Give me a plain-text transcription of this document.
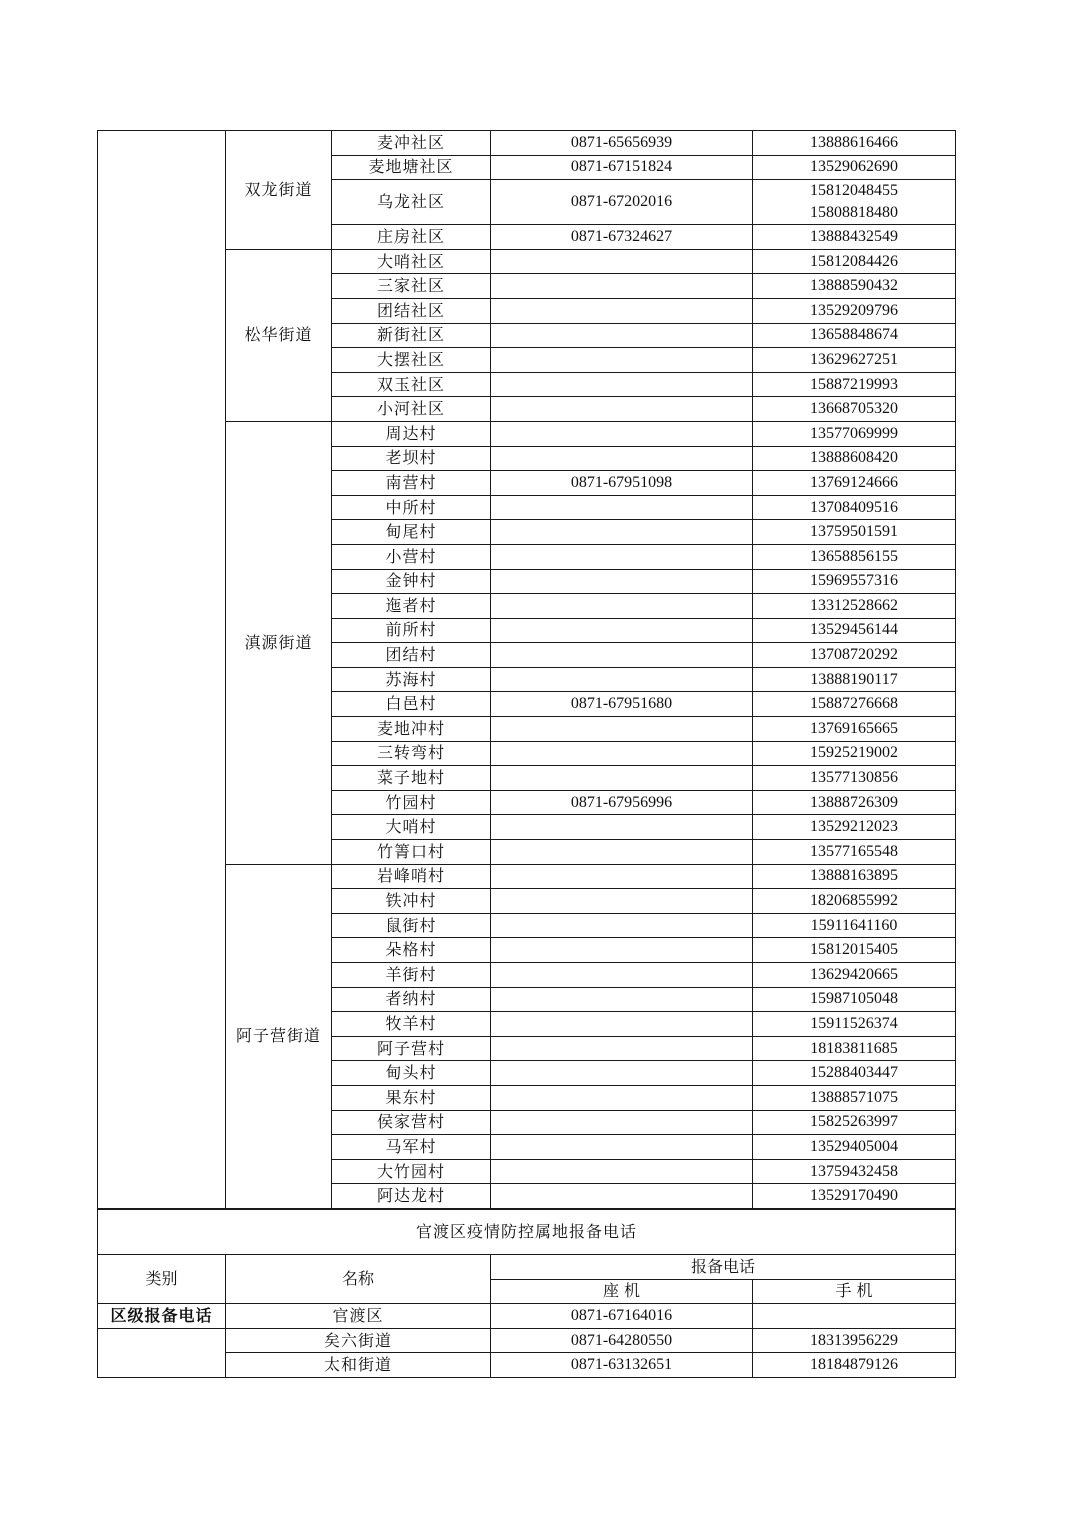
	双龙街道	麦冲社区	0871-65656939	13888616466

		麦地塘社区	0871-67151824	13529062690

		乌龙社区	0871-67202016	15812048455
15808818480

		庄房社区	0871-67324627	13888432549

	松华街道	大哨社区		15812084426

		三家社区		13888590432

		团结社区		13529209796

		新街社区		13658848674

		大摆社区		13629627251

		双玉社区		15887219993

		小河社区		13668705320

	滇源街道	周达村		13577069999

		老坝村		13888608420

		南营村	0871-67951098	13769124666

		中所村		13708409516

		甸尾村		13759501591

		小营村		13658856155

		金钟村		15969557316

		迤者村		13312528662

		前所村		13529456144

		团结村		13708720292

		苏海村		13888190117

		白邑村	0871-67951680	15887276668

		麦地冲村		13769165665

		三转弯村		15925219002

		菜子地村		13577130856

		竹园村	0871-67956996	13888726309

		大哨村		13529212023

		竹箐口村		13577165548

	阿子营街道	岩峰哨村		13888163895

		铁冲村		18206855992

		鼠街村		15911641160

		朵格村		15812015405

		羊街村		13629420665

		者纳村		15987105048

		牧羊村		15911526374

		阿子营村		18183811685

		甸头村		15288403447

		果东村		13888571075

		侯家营村		15825263997

		马军村		13529405004

		大竹园村		13759432458

		阿达龙村		13529170490
官渡区疫情防控属地报备电话			
类别	名称	报备电话	
		座 机	手 机
区级报备电话	官渡区	0871-67164016	
	矣六街道	0871-64280550	18313956229
	太和街道	0871-63132651	18184879126
